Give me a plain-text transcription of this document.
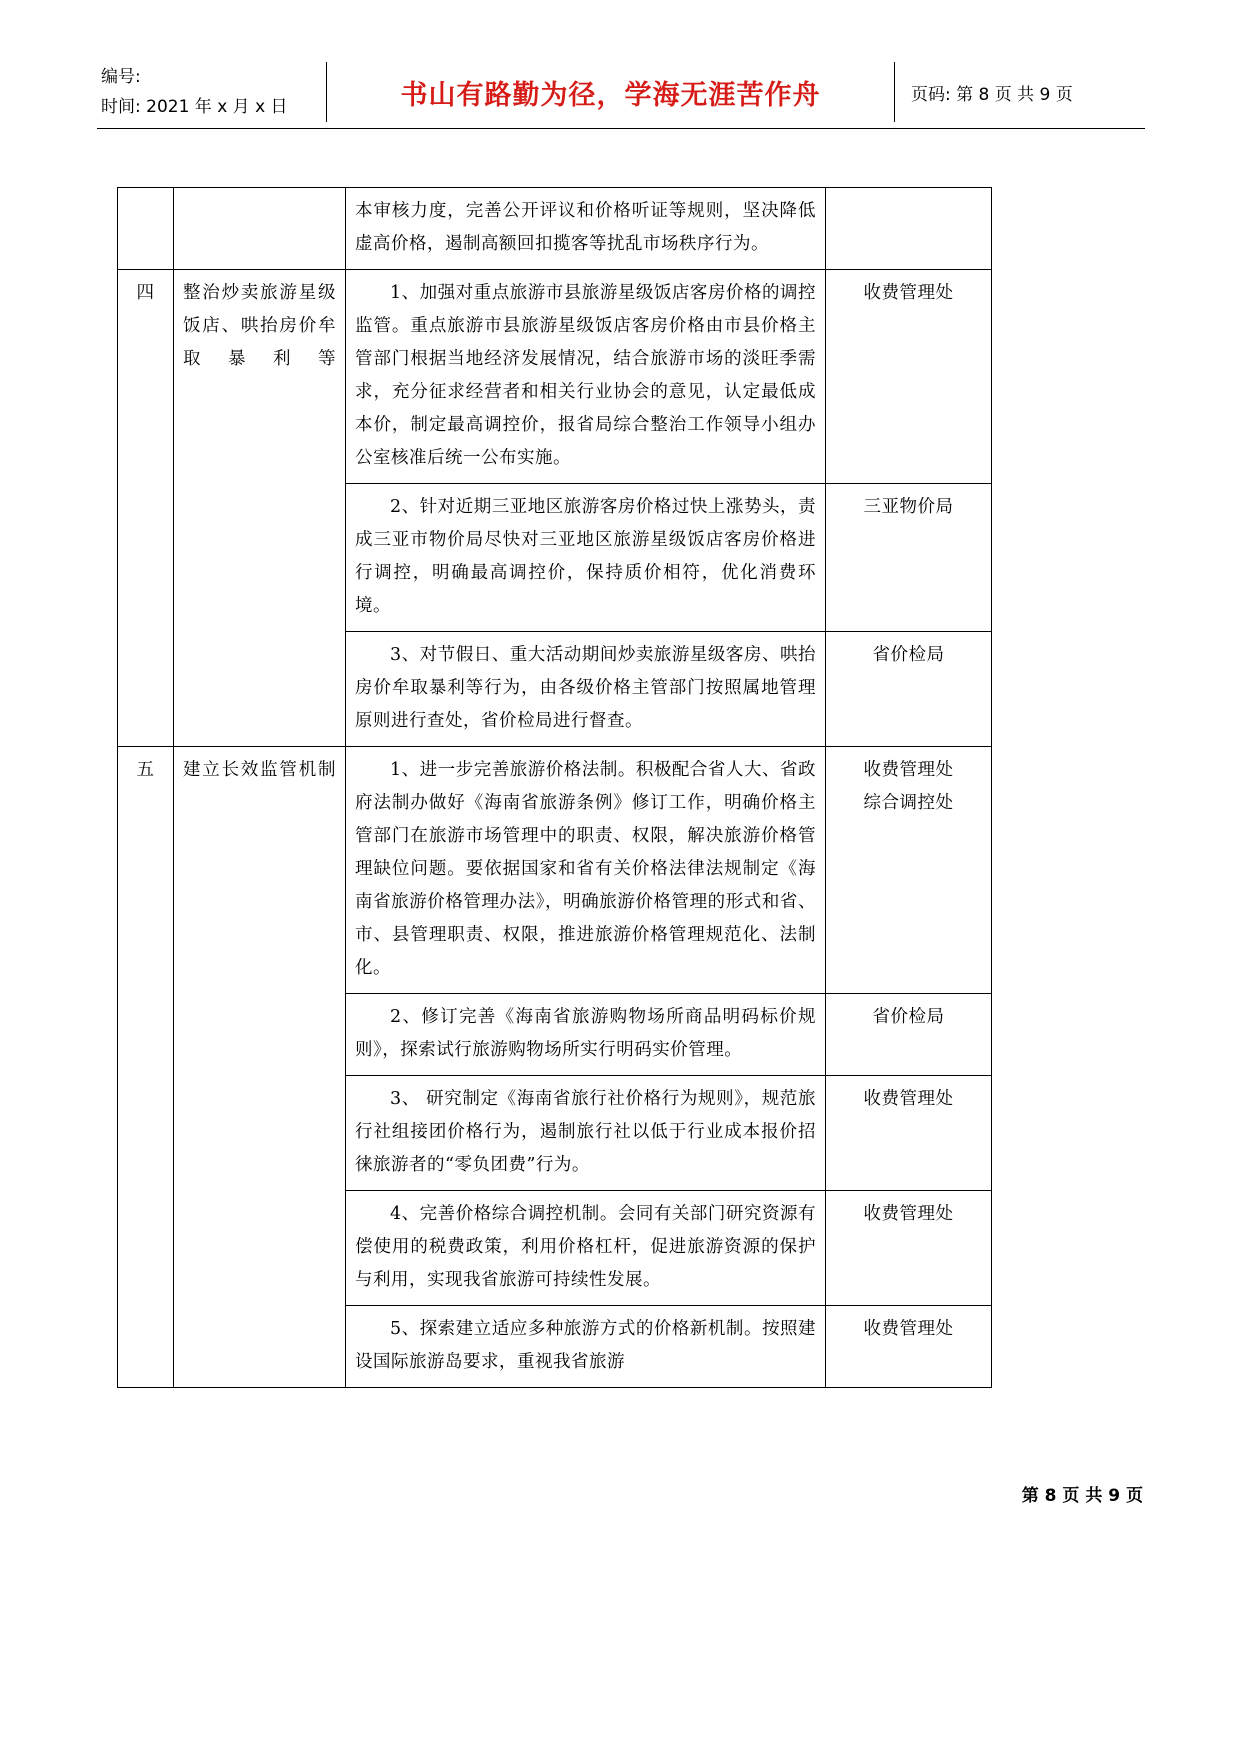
编号:
时间: 2021 年 x 月 x 日	书山有路勤为径，学海无涯苦作舟	页码: 第 8 页 共 9 页

		本审核力度，完善公开评议和价格听证等规则，坚决降低虚高价格，遏制高额回扣揽客等扰乱市场秩序行为。	

四	整治炒卖旅游星级饭店、哄抬房价牟取暴利等	1、加强对重点旅游市县旅游星级饭店客房价格的调控监管。重点旅游市县旅游星级饭店客房价格由市县价格主管部门根据当地经济发展情况，结合旅游市场的淡旺季需求，充分征求经营者和相关行业协会的意见，认定最低成本价，制定最高调控价，报省局综合整治工作领导小组办公室核准后统一公布实施。	收费管理处

		2、针对近期三亚地区旅游客房价格过快上涨势头，责成三亚市物价局尽快对三亚地区旅游星级饭店客房价格进行调控，明确最高调控价，保持质价相符，优化消费环境。	三亚物价局

		3、对节假日、重大活动期间炒卖旅游星级客房、哄抬房价牟取暴利等行为，由各级价格主管部门按照属地管理原则进行查处，省价检局进行督查。	省价检局

五	建立长效监管机制	1、进一步完善旅游价格法制。积极配合省人大、省政府法制办做好《海南省旅游条例》修订工作，明确价格主管部门在旅游市场管理中的职责、权限，解决旅游价格管理缺位问题。要依据国家和省有关价格法律法规制定《海南省旅游价格管理办法》，明确旅游价格管理的形式和省、市、县管理职责、权限，推进旅游价格管理规范化、法制化。	收费管理处
综合调控处

		2、修订完善《海南省旅游购物场所商品明码标价规则》，探索试行旅游购物场所实行明码实价管理。	省价检局

		3、 研究制定《海南省旅行社价格行为规则》，规范旅行社组接团价格行为，遏制旅行社以低于行业成本报价招徕旅游者的“零负团费”行为。	收费管理处

		4、完善价格综合调控机制。会同有关部门研究资源有偿使用的税费政策，利用价格杠杆，促进旅游资源的保护与利用，实现我省旅游可持续性发展。	收费管理处

		5、探索建立适应多种旅游方式的价格新机制。按照建设国际旅游岛要求，重视我省旅游	收费管理处
第 8 页 共 9 页
